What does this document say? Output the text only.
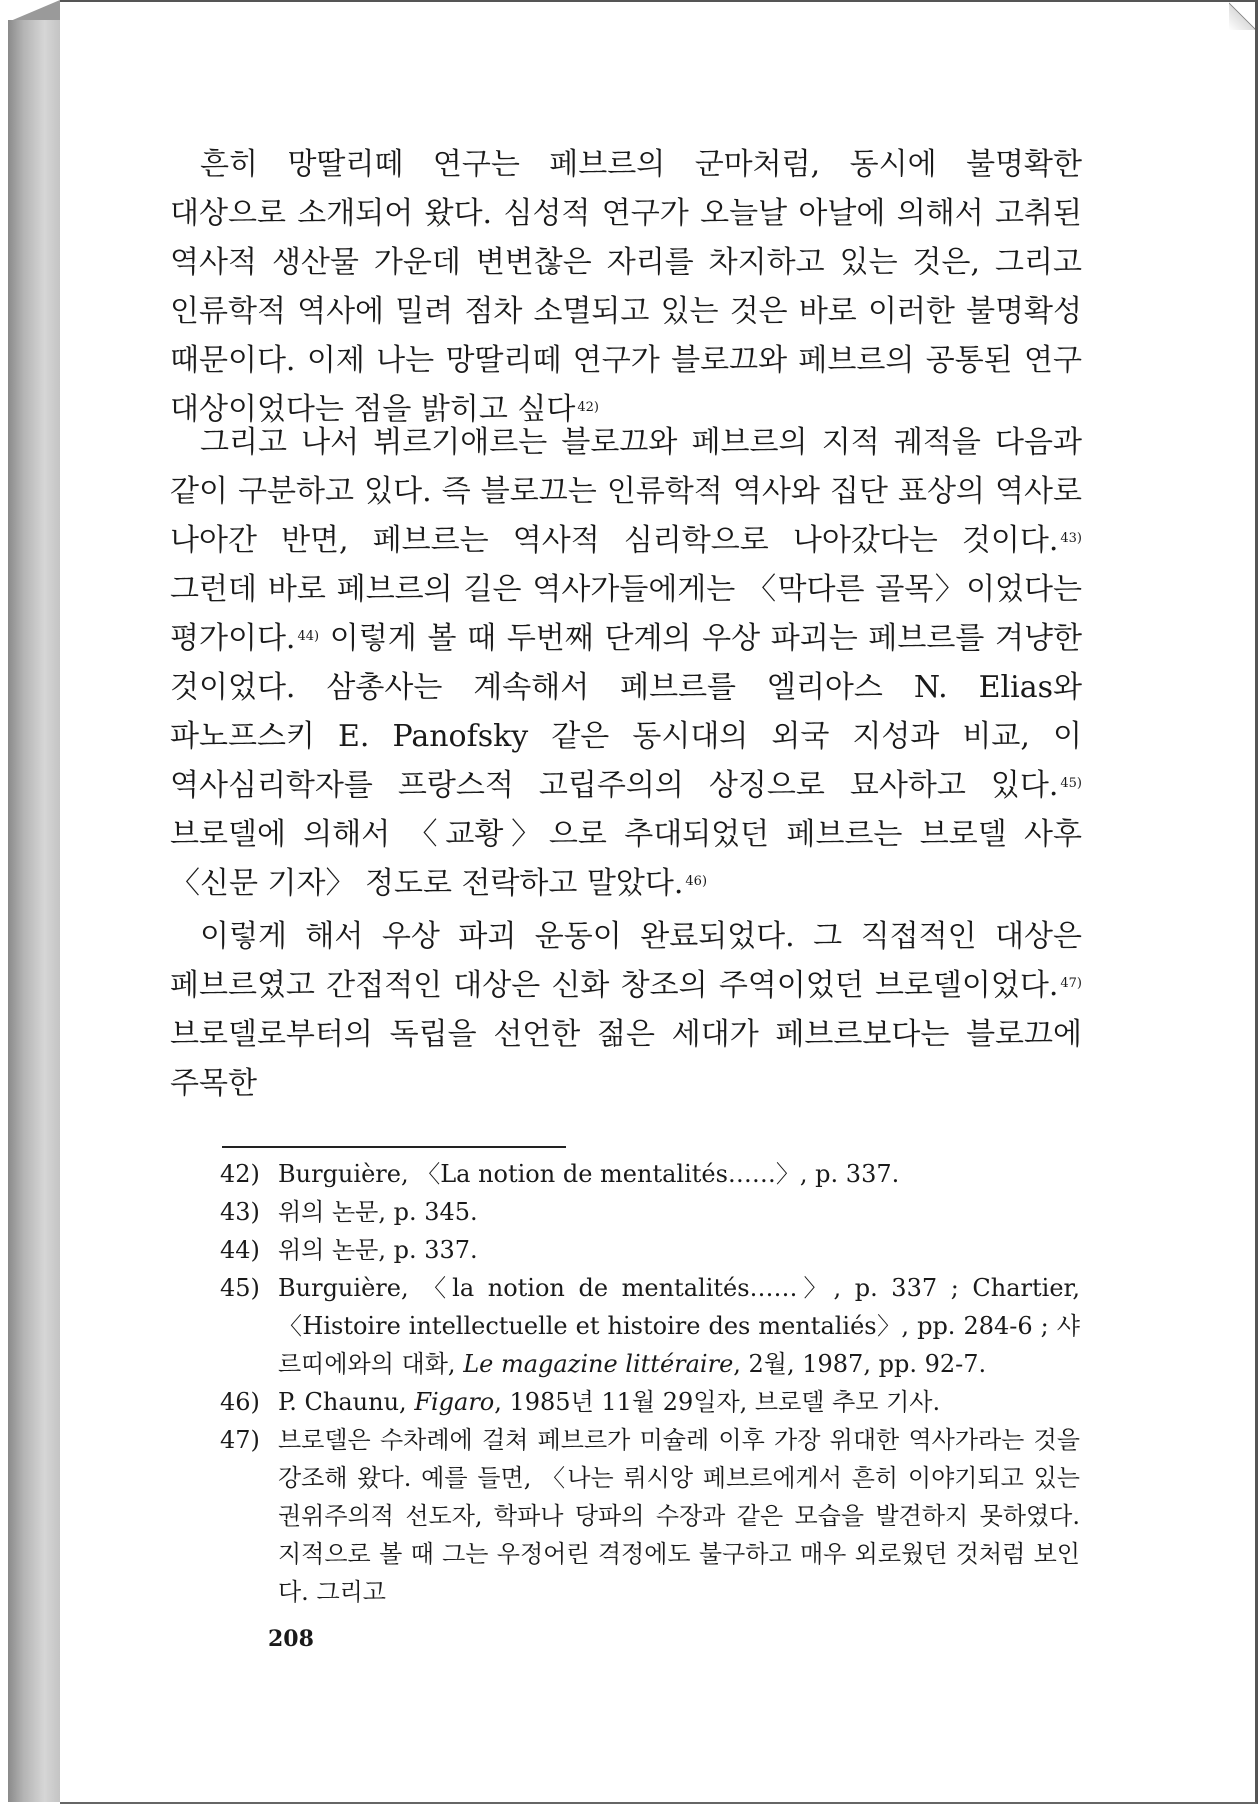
흔히 망딸리떼 연구는 페브르의 군마처럼, 동시에 불명확한 대상으로 소개되어 왔다. 심성적 연구가 오늘날 아날에 의해서 고취된 역사적 생산물 가운데 변변찮은 자리를 차지하고 있는 것은, 그리고 인류학적 역사에 밀려 점차 소멸되고 있는 것은 바로 이러한 불명확성 때문이다. 이제 나는 망딸리떼 연구가 블로끄와 페브르의 공통된 연구 대상이었다는 점을 밝히고 싶다 $^{42)}$

그리고 나서 뷔르기애르는 블로끄와 페브르의 지적 궤적을 다음과 같이 구분하고 있다. 즉 블로끄는 인류학적 역사와 집단 표상의 역사로 나아간 반면, 페브르는 역사적 심리학으로 나아갔다는 것이다. $^{43)}$ 그런데 바로 페브르의 길은 역사가들에게는 〈막다른 골목〉이었다는 평가이다. $^{44)}$ 이렇게 볼 때 두번째 단계의 우상 파괴는 페브르를 겨냥한 것이었다. 삼총사는 계속해서 페브르를 엘리아스 N. Elias와 파노프스키 E. Panofsky 같은 동시대의 외국 지성과 비교, 이 역사심리학자를 프랑스적 고립주의의 상징으로 묘사하고 있다. $^{45)}$ 브로델에 의해서 〈교황〉으로 추대되었던 페브르는 브로델 사후 〈신문 기자〉 정도로 전락하고 말았다. $^{46)}$

이렇게 해서 우상 파괴 운동이 완료되었다. 그 직접적인 대상은 페브르였고 간접적인 대상은 신화 창조의 주역이었던 브로델이었다. $^{47)}$ 브로델로부터의 독립을 선언한 젊은 세대가 페브르보다는 블로끄에 주목한

42) Burguière, 〈La notion de mentalités……〉, p. 337.
43) 위의 논문, p. 345.
44) 위의 논문, p. 337.
45) Burguière, 〈la notion de mentalités……〉, p. 337 ; Chartier, 〈Histoire intellectuelle et histoire des mentaliés〉, pp. 284-6 ; 샤르띠에와의 대화, Le magazine littéraire, 2월, 1987, pp. 92-7.
46) P. Chaunu, Figaro, 1985년 11월 29일자, 브로델 추모 기사.
47) 브로델은 수차례에 걸쳐 페브르가 미슐레 이후 가장 위대한 역사가라는 것을 강조해 왔다. 예를 들면, 〈나는 뤼시앙 페브르에게서 흔히 이야기되고 있는 권위주의적 선도자, 학파나 당파의 수장과 같은 모습을 발견하지 못하였다. 지적으로 볼 때 그는 우정어린 격정에도 불구하고 매우 외로웠던 것처럼 보인다. 그리고
208
